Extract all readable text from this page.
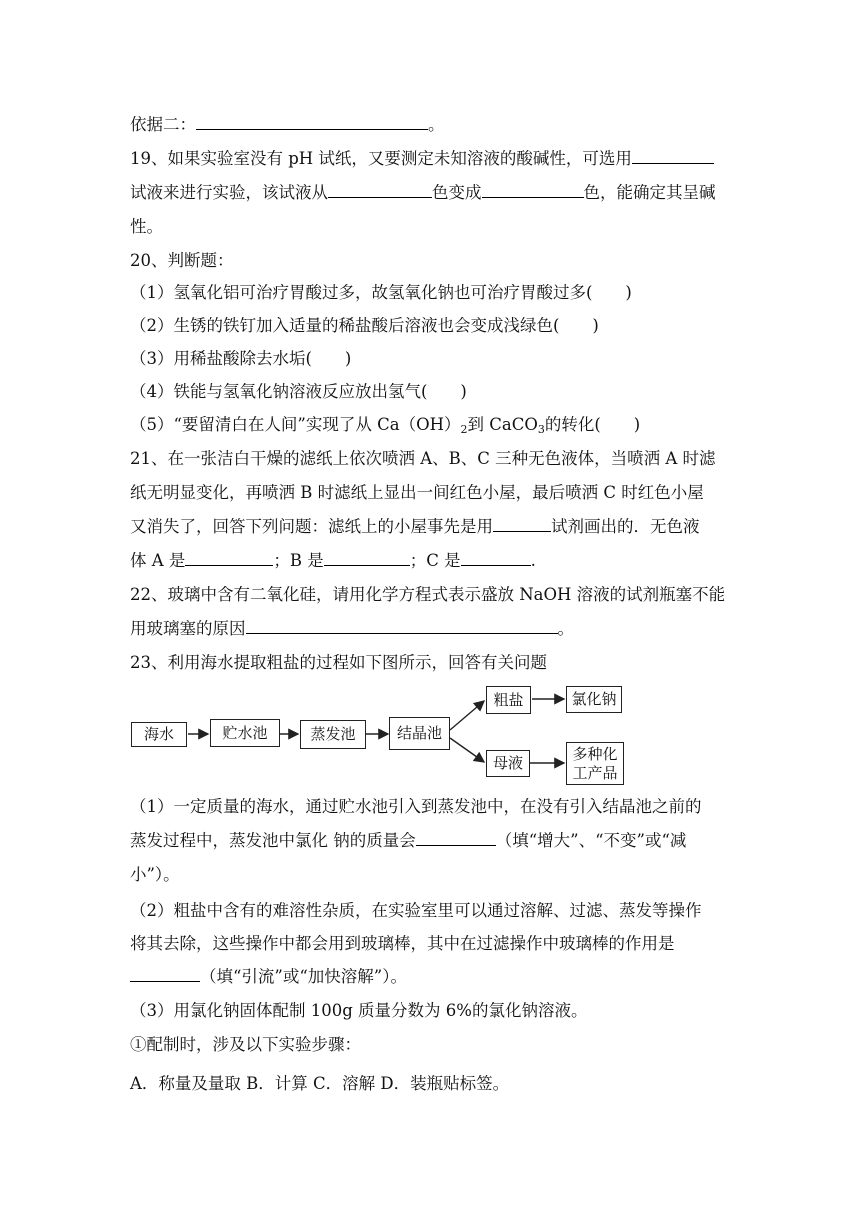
依据二：	。
19、如果实验室没有 pH 试纸，又要测定未知溶液的酸碱性，可选用
试液来进行实验，该试液从	色变成	色，能确定其呈碱
性。
20、判断题：
（1）氢氧化铝可治疗胃酸过多，故氢氧化钠也可治疗胃酸过多(　　)
（2）生锈的铁钉加入适量的稀盐酸后溶液也会变成浅绿色(　　)
（3）用稀盐酸除去水垢(　　)
（4）铁能与氢氧化钠溶液反应放出氢气(　　)
（5）“要留清白在人间”实现了从 $Ca(OH)_2$到 CaCO$_3$的转化(　　)
21、在一张洁白干燥的滤纸上依次喷洒 A、B、C 三种无色液体，当喷洒 A 时滤
纸无明显变化，再喷洒 B 时滤纸上显出一间红色小屋，最后喷洒 C 时红色小屋
又消失了，回答下列问题：滤纸上的小屋事先是用	试剂画出的．无色液
体 A 是	；B 是	；C 是	.
22、玻璃中含有二氧化硅，请用化学方程式表示盛放 NaOH 溶液的试剂瓶塞不能
用玻璃塞的原因	。
23、利用海水提取粗盐的过程如下图所示，回答有关问题
海水	贮水池	蒸发池	结晶池
粗盐	氯化钠
母液
多种化
工产品
（1）一定质量的海水，通过贮水池引入到蒸发池中，在没有引入结晶池之前的
蒸发过程中，蒸发池中氯化 钠的质量会	（填“增大”、“不变”或“减
小”）。
（2）粗盐中含有的难溶性杂质，在实验室里可以通过溶解、过滤、蒸发等操作
将其去除，这些操作中都会用到玻璃棒，其中在过滤操作中玻璃棒的作用是
（填“引流”或“加快溶解”）。
（3）用氯化钠固体配制 100g 质量分数为 6%的氯化钠溶液。
①配制时，涉及以下实验步骤：
A．称量及量取 B．计算 C．溶解 D．装瓶贴标签。
